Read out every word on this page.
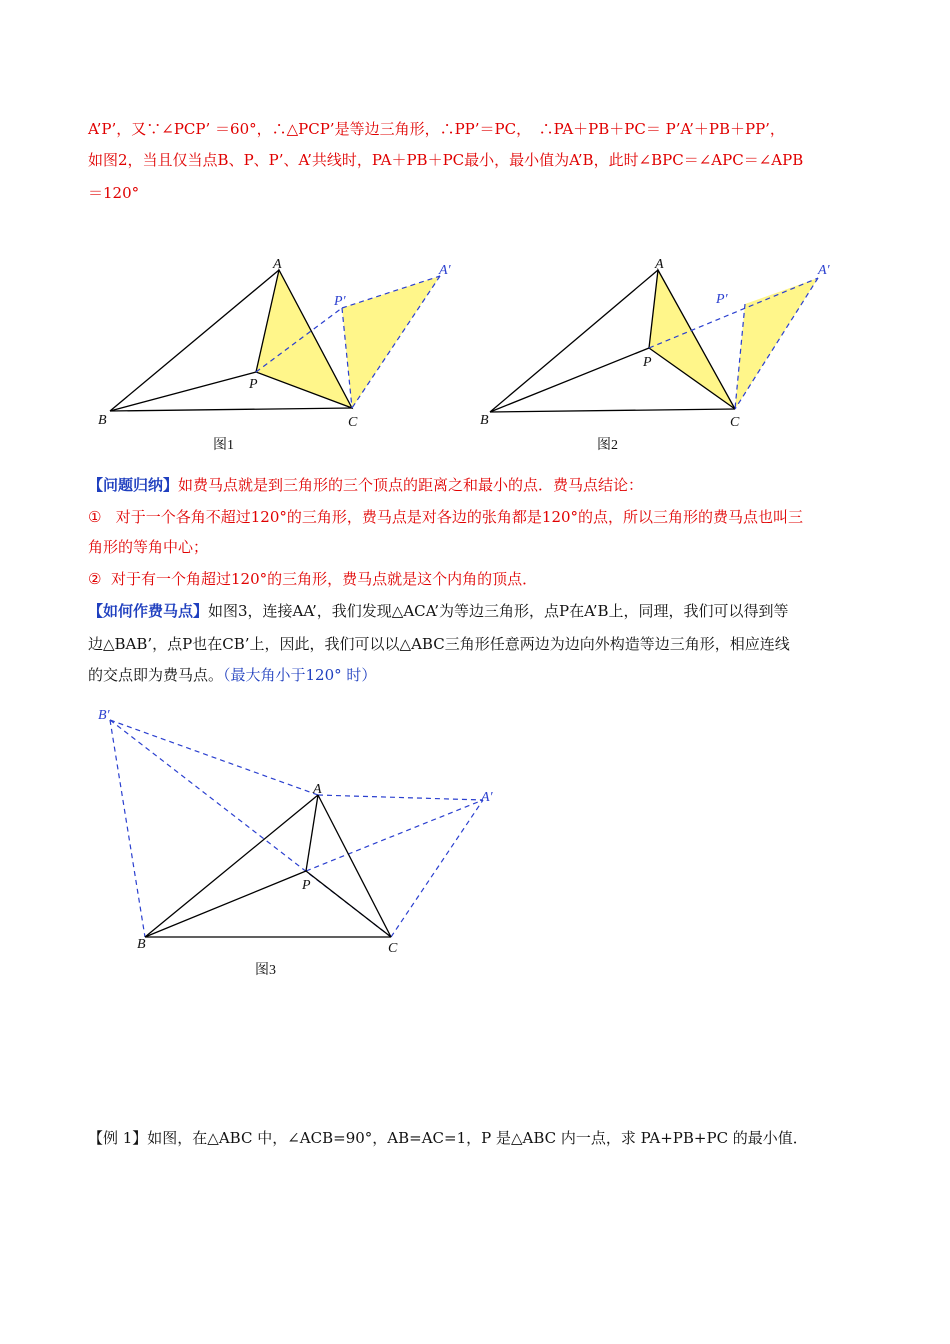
A’P’，又∵∠PCP’ ＝60°，∴△PCP’是等边三角形，∴PP’＝PC，　∴PA＋PB＋PC＝ P’A’＋PB＋PP’，
如图2，当且仅当点B、P、P’、A’共线时，PA＋PB＋PC最小，最小值为A’B，此时∠BPC＝∠APC＝∠APB
＝120°
A
B	C
P
P′
A′
图1
A
B	C
P
P′
A′
图2
【问题归纳】如费马点就是到三角形的三个顶点的距离之和最小的点．费马点结论：
① 对于一个各角不超过120°的三角形，费马点是对各边的张角都是120°的点，所以三角形的费马点也叫三
角形的等角中心；
② 对于有一个角超过120°的三角形，费马点就是这个内角的顶点．
【如何作费马点】如图3，连接AA’，我们发现△ACA’为等边三角形，点P在A’B上，同理，我们可以得到等
边△BAB’，点P也在CB’上，因此，我们可以以△ABC三角形任意两边为边向外构造等边三角形，相应连线
的交点即为费马点。（最大角小于120° 时）
A
B	C
P
A′
B′
图3
【例 1】如图，在△ABC 中，∠ACB=90°，AB=AC=1，P 是△ABC 内一点，求 PA+PB+PC 的最小值．
